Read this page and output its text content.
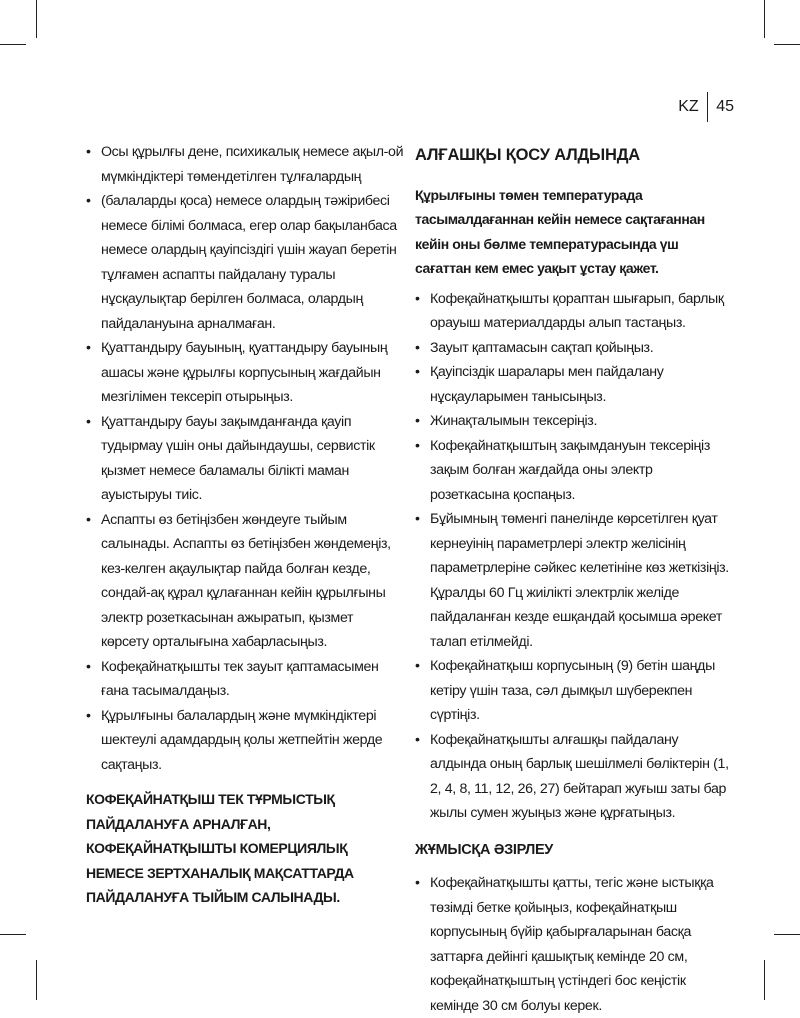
KZ	45
• Осы құрылғы дене, психикалық немесе ақыл-ой мүмкіндіктері төмендетілген тұлғалардың
• (балаларды қоса) немесе олардың тәжірибесі немесе білімі болмаса, егер олар бақыланбаса немесе олардың қауіпсіздігі үшін жауап беретін тұлғамен аспапты пайдалану туралы нұсқаулықтар берілген болмаса, олардың пайдалануына арналмаған.
• Қуаттандыру бауының, қуаттандыру бауының ашасы және құрылғы корпусының жағдайын мезгілімен тексеріп отырыңыз.
• Қуаттандыру бауы зақымданғанда қауіп тудырмау үшін оны дайындаушы, сервистік қызмет немесе баламалы білікті маман ауыстыруы тиіс.
• Аспапты өз бетіңізбен жөндеуге тыйым салынады. Аспапты өз бетіңізбен жөндемеңіз, кез-келген ақаулықтар пайда болған кезде, сондай-ақ құрал құлағаннан кейін құрылғыны электр розеткасынан ажыратып, қызмет көрсету орталығына хабарласыңыз.
• Кофеқайнатқышты тек зауыт қаптамасымен ғана тасымалдаңыз.
• Құрылғыны балалардың және мүмкіндіктері шектеулі адамдардың қолы жетпейтін жерде сақтаңыз.

КОФЕҚАЙНАТҚЫШ ТЕК ТҰРМЫСТЫҚ ПАЙДАЛАНУҒА АРНАЛҒАН, КОФЕҚАЙНАТҚЫШТЫ КОМЕРЦИЯЛЫҚ НЕМЕСЕ ЗЕРТХАНАЛЫҚ МАҚСАТТАРДА ПАЙДАЛАНУҒА ТЫЙЫМ САЛЫНАДЫ.

АЛҒАШҚЫ ҚОСУ АЛДЫНДА

Құрылғыны төмен температурада тасымалдағаннан кейін немесе сақтағаннан кейін оны бөлме температурасында үш сағаттан кем емес уақыт ұстау қажет.

• Кофеқайнатқышты қораптан шығарып, барлық орауыш материалдарды алып тастаңыз.
• Зауыт қаптамасын сақтап қойыңыз.
• Қауіпсіздік шаралары мен пайдалану нұсқауларымен танысыңыз.
• Жинақталымын тексеріңіз.
• Кофеқайнатқыштың зақымдануын тексеріңіз зақым болған жағдайда оны электр розеткасына қоспаңыз.
• Бұйымның төменгі панелінде көрсетілген қуат кернеуінің параметрлері электр желісінің параметрлеріне сәйкес келетініне көз жеткізіңіз. Құралды 60 Гц жиілікті электрлік желіде пайдаланған кезде ешқандай қосымша әрекет талап етілмейді.
• Кофеқайнатқыш корпусының (9) бетін шаңды кетіру үшін таза, сәл дымқыл шүберекпен сүртіңіз.
• Кофеқайнатқышты алғашқы пайдалану алдында оның барлық шешілмелі бөліктерін (1, 2, 4, 8, 11, 12, 26, 27) бейтарап жуғыш заты бар жылы сумен жуыңыз және құрғатыңыз.
ЖҰМЫСҚА ӘЗІРЛЕУ
• Кофеқайнатқышты қатты, тегіс және ыстыққа төзімді бетке қойыңыз, кофеқайнатқыш корпусының бүйір қабырғаларынан басқа заттарға дейінгі қашықтық кемінде 20 см, кофеқайнатқыштың үстіндегі бос кеңістік кемінде 30 см болуы керек.
